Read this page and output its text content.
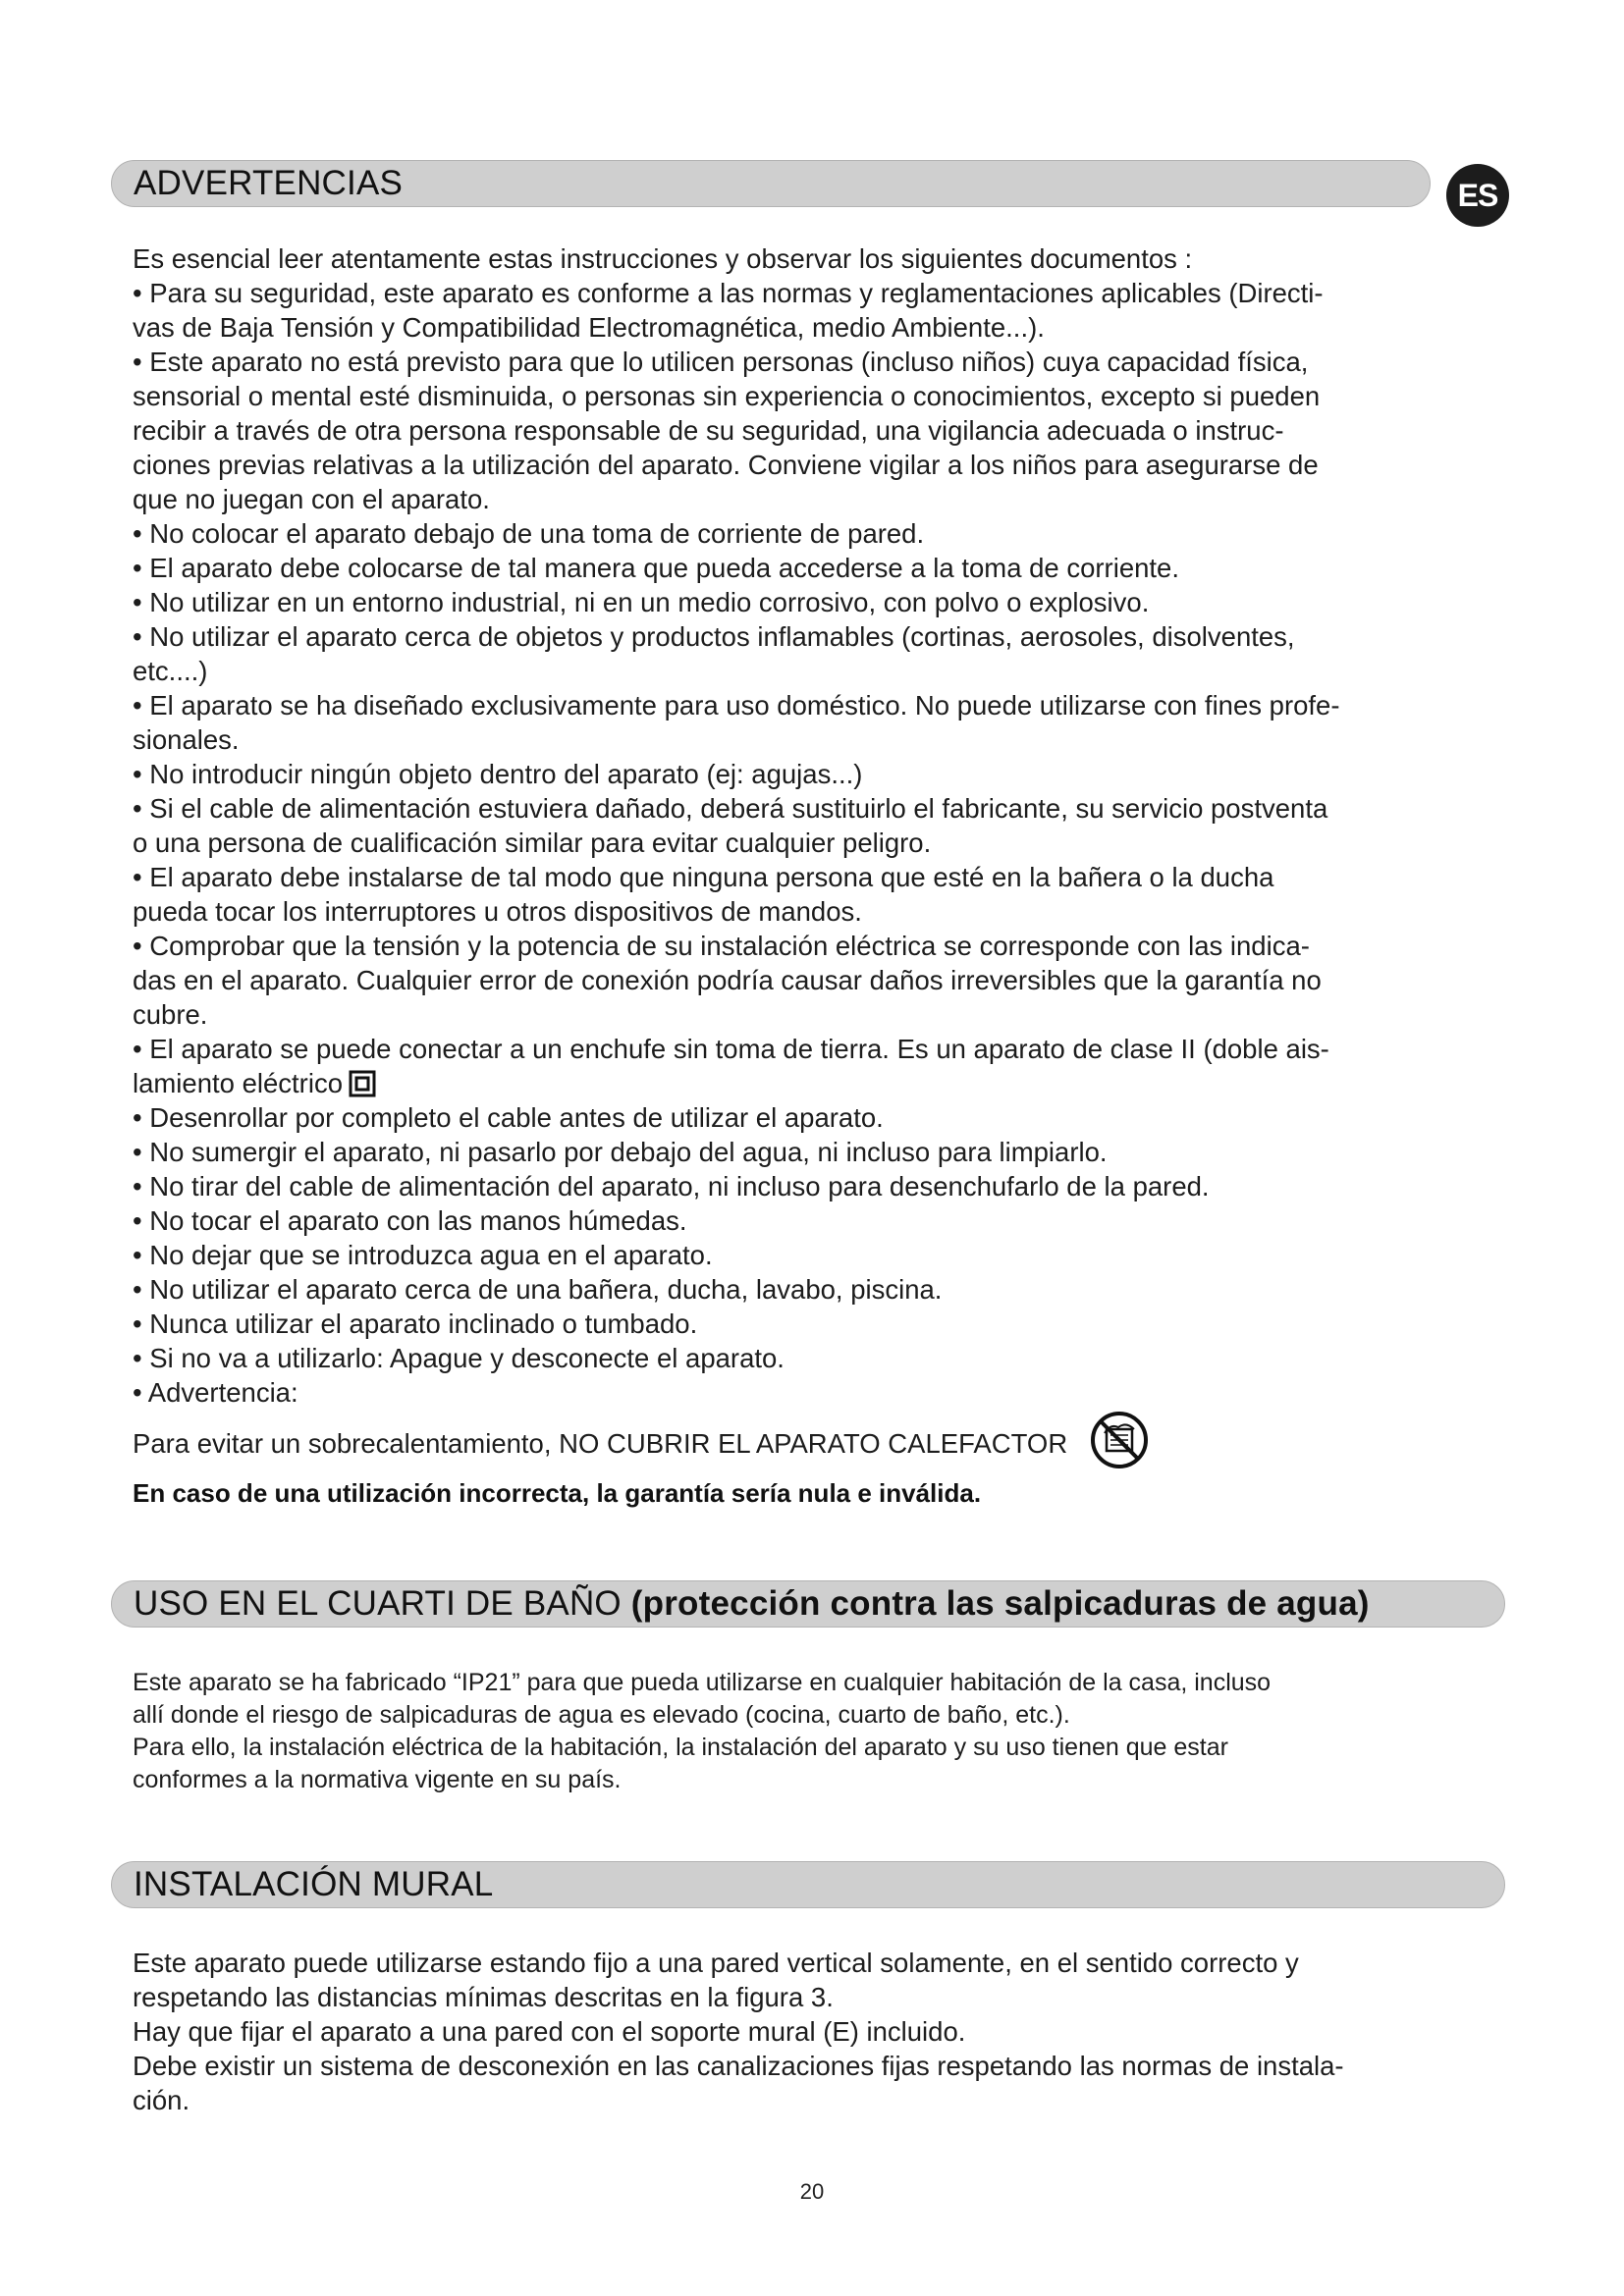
ADVERTENCIAS	ES

Es esencial leer atentamente estas instrucciones y observar los siguientes documentos :

• Para su seguridad, este aparato es conforme a las normas y reglamentaciones aplicables (Directi-

vas de Baja Tensión y Compatibilidad Electromagnética, medio Ambiente...).

• Este aparato no está previsto para que lo utilicen personas (incluso niños) cuya capacidad física,

sensorial o mental esté disminuida, o personas sin experiencia o conocimientos, excepto si pueden

recibir a través de otra persona responsable de su seguridad, una vigilancia adecuada o instruc-

ciones previas relativas a la utilización del aparato. Conviene vigilar a los niños para asegurarse de

que no juegan con el aparato.

• No colocar el aparato debajo de una toma de corriente de pared.

• El aparato debe colocarse de tal manera que pueda accederse a la toma de corriente.

• No utilizar en un entorno industrial, ni en un medio corrosivo, con polvo o explosivo.

• No utilizar el aparato cerca de objetos y productos inflamables (cortinas, aerosoles, disolventes,

etc....)

• El aparato se ha diseñado exclusivamente para uso doméstico. No puede utilizarse con fines profe-

sionales.

• No introducir ningún objeto dentro del aparato (ej: agujas...)

• Si el cable de alimentación estuviera dañado, deberá sustituirlo el fabricante, su servicio postventa

o una persona de cualificación similar para evitar cualquier peligro.

• El aparato debe instalarse de tal modo que ninguna persona que esté en la bañera o la ducha

pueda tocar los interruptores u otros dispositivos de mandos.

• Comprobar que la tensión y la potencia de su instalación eléctrica se corresponde con las indica-

das en el aparato. Cualquier error de conexión podría causar daños irreversibles que la garantía no

cubre.

• El aparato se puede conectar a un enchufe sin toma de tierra. Es un aparato de clase II (doble ais-

lamiento eléctrico

• Desenrollar por completo el cable antes de utilizar el aparato.

• No sumergir el aparato, ni pasarlo por debajo del agua, ni incluso para limpiarlo.

• No tirar del cable de alimentación del aparato, ni incluso para desenchufarlo de la pared.

• No tocar el aparato con las manos húmedas.

• No dejar que se introduzca agua en el aparato.

• No utilizar el aparato cerca de una bañera, ducha, lavabo, piscina.

• Nunca utilizar el aparato inclinado o tumbado.

• Si no va a utilizarlo: Apague y desconecte el aparato.

• Advertencia:

Para evitar un sobrecalentamiento, NO CUBRIR EL APARATO CALEFACTOR

En caso de una utilización incorrecta, la garantía sería nula e inválida.
USO EN EL CUARTI DE BAÑO (protección contra las salpicaduras de agua)

Este aparato se ha fabricado “IP21” para que pueda utilizarse en cualquier habitación de la casa, incluso

allí donde el riesgo de salpicaduras de agua es elevado (cocina, cuarto de baño, etc.).

Para ello, la instalación eléctrica de la habitación, la instalación del aparato y su uso tienen que estar

conformes a la normativa vigente en su país.

INSTALACIÓN MURAL

Este aparato puede utilizarse estando fijo a una pared vertical solamente, en el sentido correcto y

respetando las distancias mínimas descritas en la figura 3.

Hay que fijar el aparato a una pared con el soporte mural (E) incluido.

Debe existir un sistema de desconexión en las canalizaciones fijas respetando las normas de instala-

ción.

20
